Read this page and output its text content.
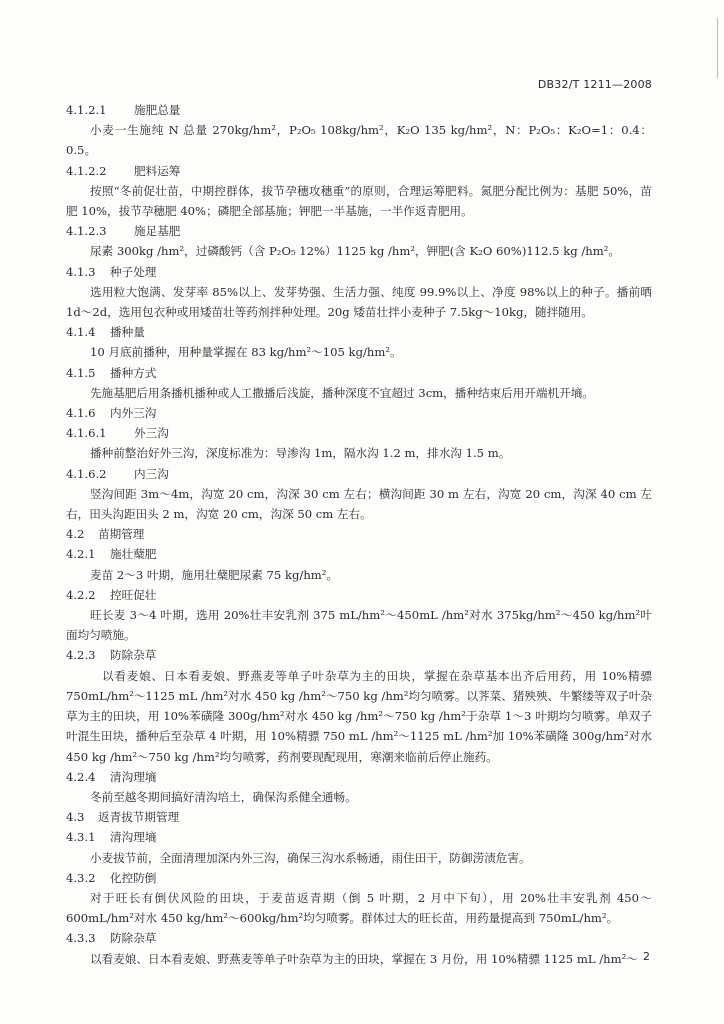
DB32/T 1211—2008
4.1.2.1 施肥总量
小麦一生施纯 N 总量 270kg/hm²，P₂O₅ 108kg/hm²，K₂O 135 kg/hm²，N：P₂O₅：K₂O=1：0.4：0.5。
4.1.2.2 肥料运筹
按照“冬前促壮苗，中期控群体，拔节孕穗攻穗重”的原则，合理运筹肥料。氮肥分配比例为：基肥 50%，苗肥 10%，拔节孕穗肥 40%；磷肥全部基施；钾肥一半基施，一半作返青肥用。
4.1.2.3 施足基肥
尿素 300kg /hm²，过磷酸钙（含 P₂O₅ 12%）1125 kg /hm²，钾肥(含 K₂O 60%)112.5 kg /hm²。
4.1.3 种子处理
选用粒大饱满、发芽率 85%以上、发芽势强、生活力强、纯度 99.9%以上、净度 98%以上的种子。播前晒 1d～2d，选用包衣种或用矮苗壮等药剂拌种处理。20g 矮苗壮拌小麦种子 7.5kg～10kg，随拌随用。
4.1.4 播种量
10 月底前播种，用种量掌握在 83 kg/hm²～105 kg/hm²。
4.1.5 播种方式
先施基肥后用条播机播种或人工撒播后浅旋，播种深度不宜超过 3cm，播种结束后用开端机开墒。
4.1.6 内外三沟
4.1.6.1 外三沟
播种前整治好外三沟，深度标准为：导渗沟 1m，隔水沟 1.2 m，排水沟 1.5 m。
4.1.6.2 内三沟
竖沟间距 3m～4m，沟宽 20 cm，沟深 30 cm 左右；横沟间距 30 m 左右，沟宽 20 cm，沟深 40 cm 左右，田头沟距田头 2 m，沟宽 20 cm，沟深 50 cm 左右。
4.2 苗期管理
4.2.1 施壮蘖肥
麦苗 2～3 叶期，施用壮蘖肥尿素 75 kg/hm²。
4.2.2 控旺促壮
旺长麦 3～4 叶期，选用 20%壮丰安乳剂 375 mL/hm²～450mL /hm²对水 375kg/hm²～450 kg/hm²叶面均匀喷施。
4.2.3 防除杂草
以看麦娘、日本看麦娘、野燕麦等单子叶杂草为主的田块，掌握在杂草基本出齐后用药，用 10%精骠 750mL/hm²～1125 mL /hm²对水 450 kg /hm²～750 kg /hm²均匀喷雾。以荠菜、猪殃殃、牛繁缕等双子叶杂草为主的田块，用 10%苯磺隆 300g/hm²对水 450 kg /hm²～750 kg /hm²于杂草 1～3 叶期均匀喷雾。单双子叶混生田块，播种后至杂草 4 叶期，用 10%精骠 750 mL /hm²～1125 mL /hm²加 10%苯磺隆 300g/hm²对水 450 kg /hm²～750 kg /hm²均匀喷雾，药剂要现配现用，寒潮来临前后停止施药。
4.2.4 清沟理墒
冬前至越冬期间搞好清沟培土，确保沟系健全通畅。
4.3 返青拔节期管理
4.3.1 清沟理墒
小麦拔节前，全面清理加深内外三沟，确保三沟水系畅通，雨住田干，防御涝渍危害。
4.3.2 化控防倒
对于旺长有倒伏风险的田块，于麦苗返青期（倒 5 叶期，2 月中下旬），用 20%壮丰安乳剂 450～600mL/hm²对水 450 kg/hm²～600kg/hm²均匀喷雾。群体过大的旺长苗，用药量提高到 750mL/hm²。
4.3.3 防除杂草
以看麦娘、日本看麦娘、野燕麦等单子叶杂草为主的田块，掌握在 3 月份，用 10%精骠 1125 mL /hm²～ 2
